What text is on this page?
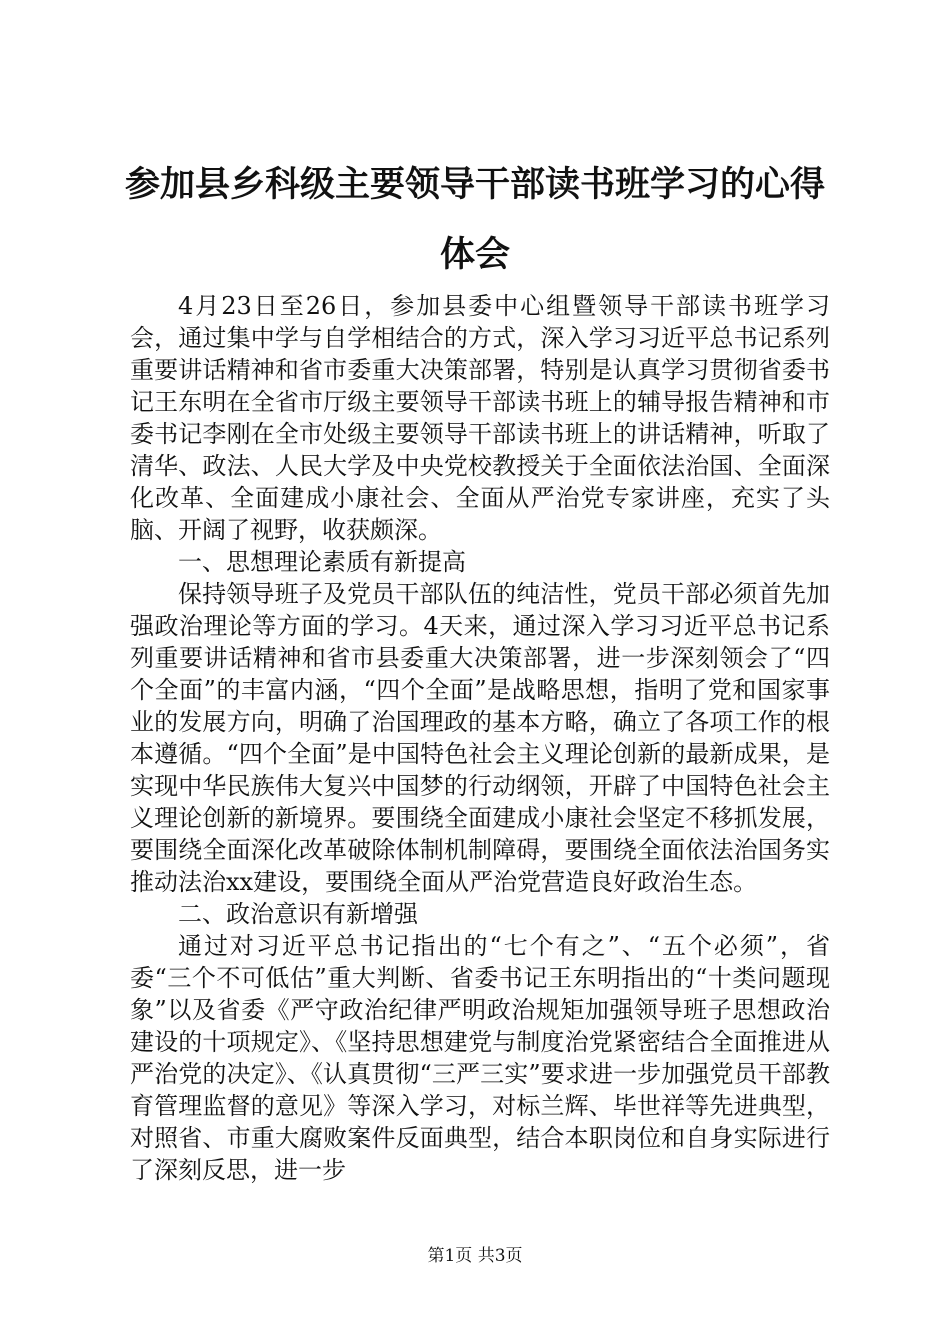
参加县乡科级主要领导干部读书班学习的心得体会

4月23日至26日，参加县委中心组暨领导干部读书班学习会，通过集中学与自学相结合的方式，深入学习习近平总书记系列重要讲话精神和省市委重大决策部署，特别是认真学习贯彻省委书记王东明在全省市厅级主要领导干部读书班上的辅导报告精神和市委书记李刚在全市处级主要领导干部读书班上的讲话精神，听取了清华、政法、人民大学及中央党校教授关于全面依法治国、全面深化改革、全面建成小康社会、全面从严治党专家讲座，充实了头脑、开阔了视野，收获颇深。

一、思想理论素质有新提高

保持领导班子及党员干部队伍的纯洁性，党员干部必须首先加强政治理论等方面的学习。4天来，通过深入学习习近平总书记系列重要讲话精神和省市县委重大决策部署，进一步深刻领会了“四个全面”的丰富内涵，“四个全面”是战略思想，指明了党和国家事业的发展方向，明确了治国理政的基本方略，确立了各项工作的根本遵循。“四个全面”是中国特色社会主义理论创新的最新成果，是实现中华民族伟大复兴中国梦的行动纲领，开辟了中国特色社会主义理论创新的新境界。要围绕全面建成小康社会坚定不移抓发展，要围绕全面深化改革破除体制机制障碍，要围绕全面依法治国务实推动法治xx建设，要围绕全面从严治党营造良好政治生态。

二、政治意识有新增强

通过对习近平总书记指出的“七个有之”、“五个必须”，省委“三个不可低估”重大判断、省委书记王东明指出的“十类问题现象”以及省委《严守政治纪律严明政治规矩加强领导班子思想政治建设的十项规定》、《坚持思想建党与制度治党紧密结合全面推进从严治党的决定》、《认真贯彻“三严三实”要求进一步加强党员干部教育管理监督的意见》等深入学习，对标兰辉、毕世祥等先进典型，对照省、市重大腐败案件反面典型，结合本职岗位和自身实际进行了深刻反思，进一步

第1页 共3页
